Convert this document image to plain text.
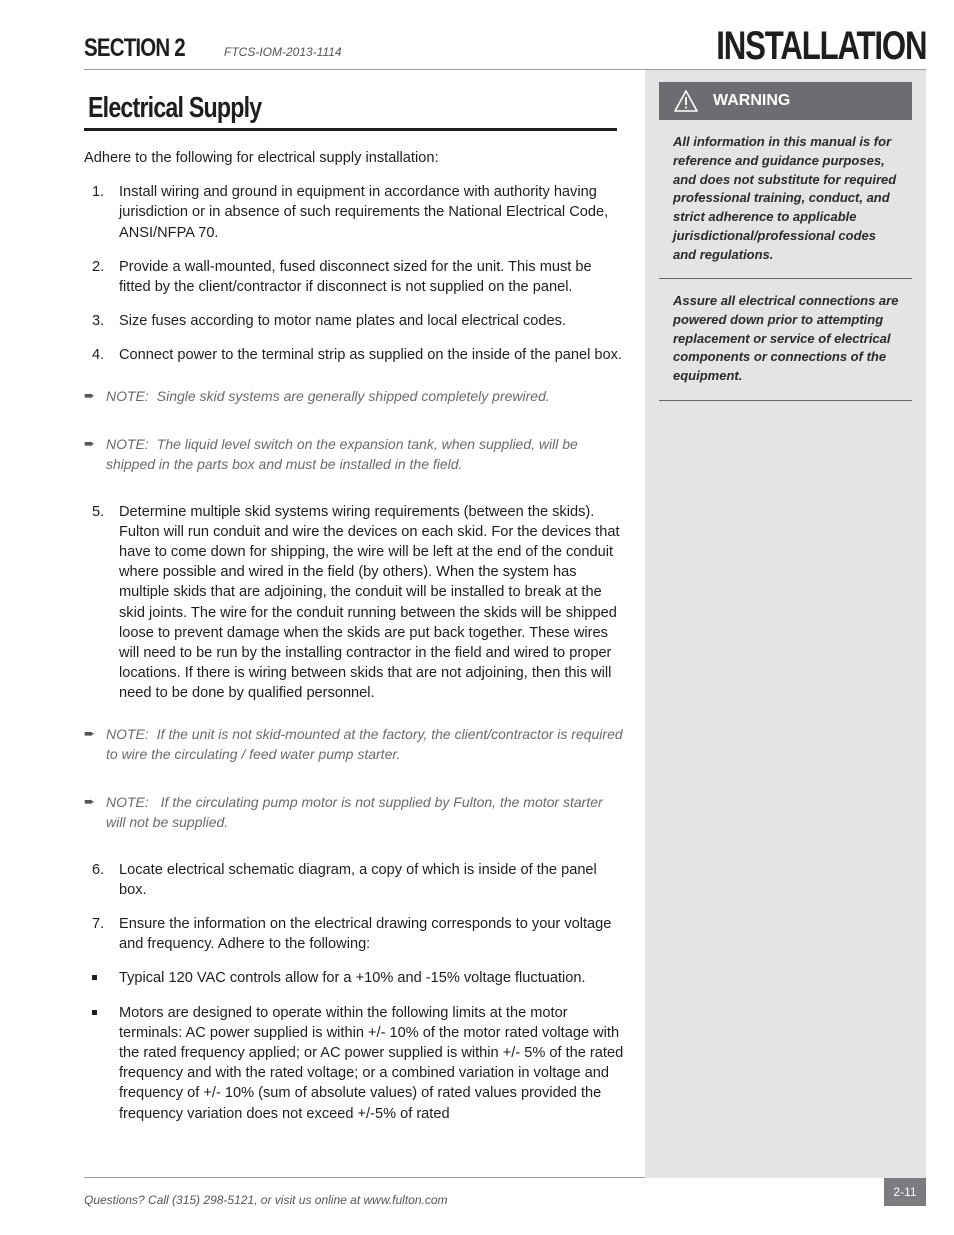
SECTION 2	FTCS-IOM-2013-1114	INSTALLATION
WARNING

All information in this manual is for reference and guidance purposes, and does not substitute for required professional training, conduct, and strict adherence to applicable jurisdictional/professional codes and regulations.

Assure all electrical connections are powered down prior to attempting replacement or service of electrical components or connections of the equipment.

Electrical Supply

Adhere to the following for electrical supply installation:

1. Install wiring and ground in equipment in accordance with authority having jurisdiction or in absence of such requirements the National Electrical Code, ANSI/NFPA 70.
2. Provide a wall-mounted, fused disconnect sized for the unit. This must be fitted by the client/contractor if disconnect is not supplied on the panel.
3. Size fuses according to motor name plates and local electrical codes.
4. Connect power to the terminal strip as supplied on the inside of the panel box.
➨ NOTE: Single skid systems are generally shipped completely prewired.
➨ NOTE: The liquid level switch on the expansion tank, when supplied, will be shipped in the parts box and must be installed in the field.
5. Determine multiple skid systems wiring requirements (between the skids). Fulton will run conduit and wire the devices on each skid. For the devices that have to come down for shipping, the wire will be left at the end of the conduit where possible and wired in the field (by others). When the system has multiple skids that are adjoining, the conduit will be installed to break at the skid joints. The wire for the conduit running between the skids will be shipped loose to prevent damage when the skids are put back together. These wires will need to be run by the installing contractor in the field and wired to proper locations. If there is wiring between skids that are not adjoining, then this will need to be done by qualified personnel.
➨ NOTE: If the unit is not skid-mounted at the factory, the client/contractor is required to wire the circulating / feed water pump starter.
➨ NOTE: If the circulating pump motor is not supplied by Fulton, the motor starter will not be supplied.
6. Locate electrical schematic diagram, a copy of which is inside of the panel box.
7. Ensure the information on the electrical drawing corresponds to your voltage and frequency. Adhere to the following:
Typical 120 VAC controls allow for a +10% and -15% voltage fluctuation.
Motors are designed to operate within the following limits at the motor terminals: AC power supplied is within +/- 10% of the motor rated voltage with the rated frequency applied; or AC power supplied is within +/- 5% of the rated frequency and with the rated voltage; or a combined variation in voltage and frequency of +/- 10% (sum of absolute values) of rated values provided the frequency variation does not exceed +/-5% of rated
Questions? Call (315) 298-5121, or visit us online at www.fulton.com
2-11
